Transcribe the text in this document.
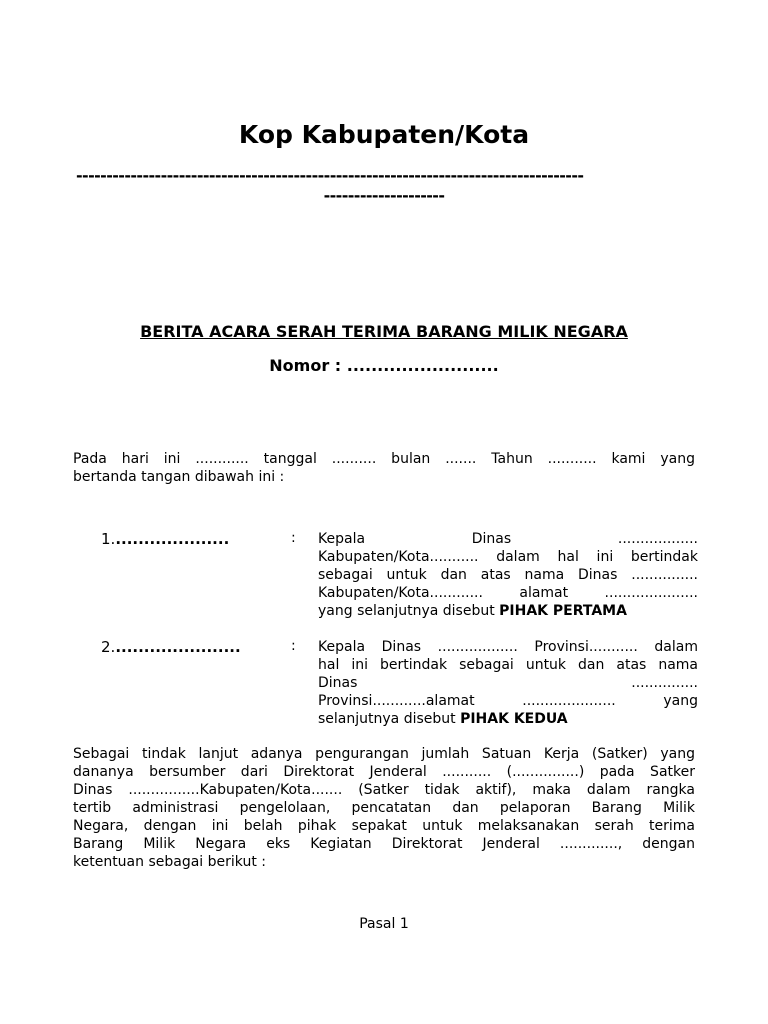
Kop Kabupaten/Kota
------------------------------------------------------------------------------------
--------------------
BERITA ACARA SERAH TERIMA BARANG MILIK NEGARA
Nomor : .........................

Pada hari ini ............ tanggal .......... bulan ....... Tahun ........... kami yang

bertanda tangan dibawah ini :

1.....................	: Kepala Dinas ..................

Kabupaten/Kota........... dalam hal ini bertindak

sebagai untuk dan atas nama Dinas ...............

Kabupaten/Kota............ alamat .....................

yang selanjutnya disebut PIHAK PERTAMA

2.......................	: Kepala Dinas .................. Provinsi........... dalam

hal ini bertindak sebagai untuk dan atas nama

Dinas ...............

Provinsi............alamat ..................... yang

selanjutnya disebut PIHAK KEDUA

Sebagai tindak lanjut adanya pengurangan jumlah Satuan Kerja (Satker) yang

dananya bersumber dari Direktorat Jenderal ........... (...............) pada Satker

Dinas ................Kabupaten/Kota....... (Satker tidak aktif), maka dalam rangka

tertib administrasi pengelolaan, pencatatan dan pelaporan Barang Milik

Negara, dengan ini belah pihak sepakat untuk melaksanakan serah terima

Barang Milik Negara eks Kegiatan Direktorat Jenderal ............., dengan

ketentuan sebagai berikut :

Pasal 1
